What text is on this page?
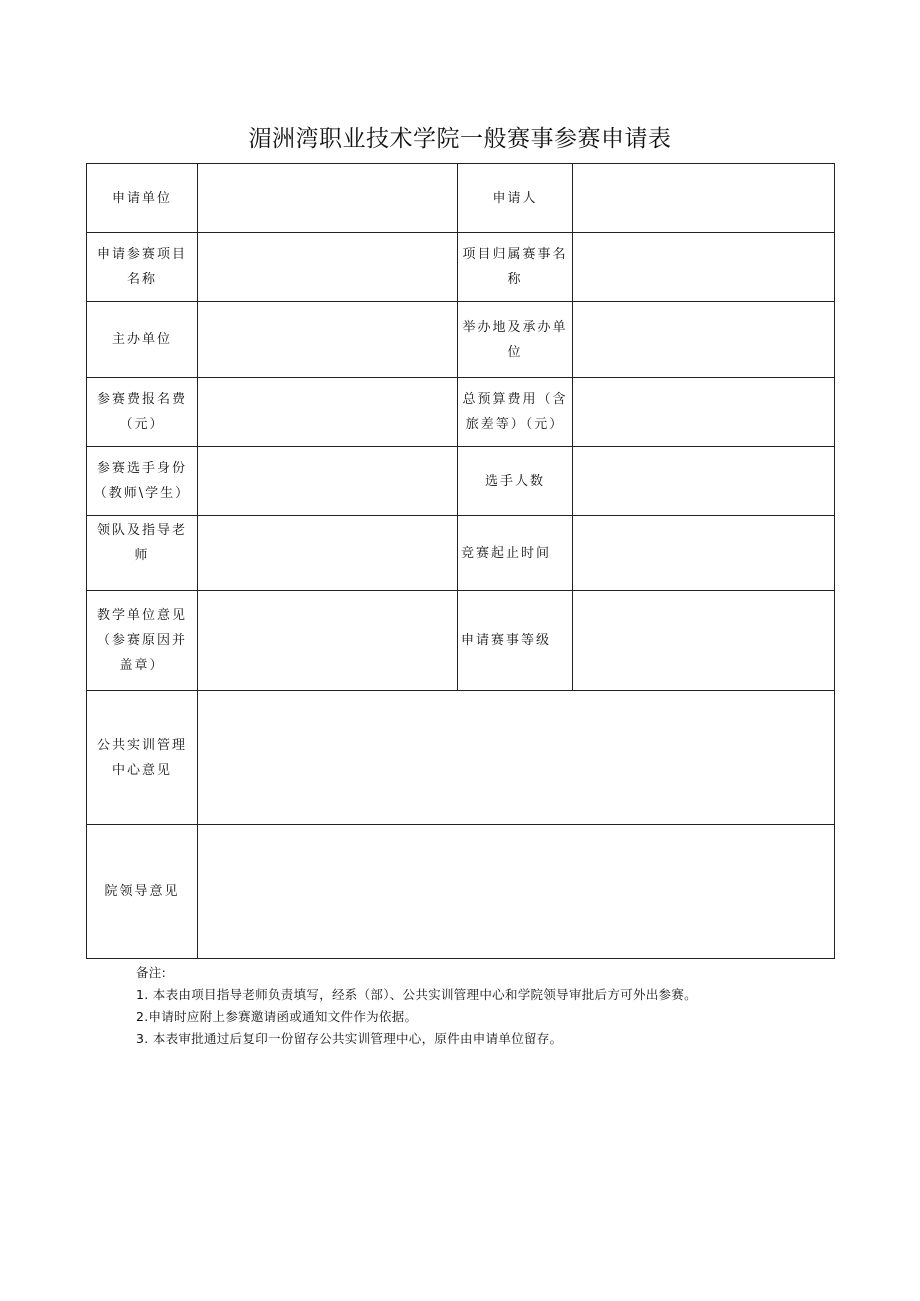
湄洲湾职业技术学院一般赛事参赛申请表
申请单位		申请人	
申请参赛项目名称		项目归属赛事名称	
主办单位		举办地及承办单位	
参赛费报名费（元）		总预算费用（含旅差等）（元）	
参赛选手身份（教师\学生）		选手人数	
领队及指导老师		竞赛起止时间	
教学单位意见（参赛原因并盖章）		申请赛事等级	
公共实训管理中心意见			
院领导意见			
备注:
1. 本表由项目指导老师负责填写，经系（部）、公共实训管理中心和学院领导审批后方可外出参赛。
2.申请时应附上参赛邀请函或通知文件作为依据。
3. 本表审批通过后复印一份留存公共实训管理中心，原件由申请单位留存。
